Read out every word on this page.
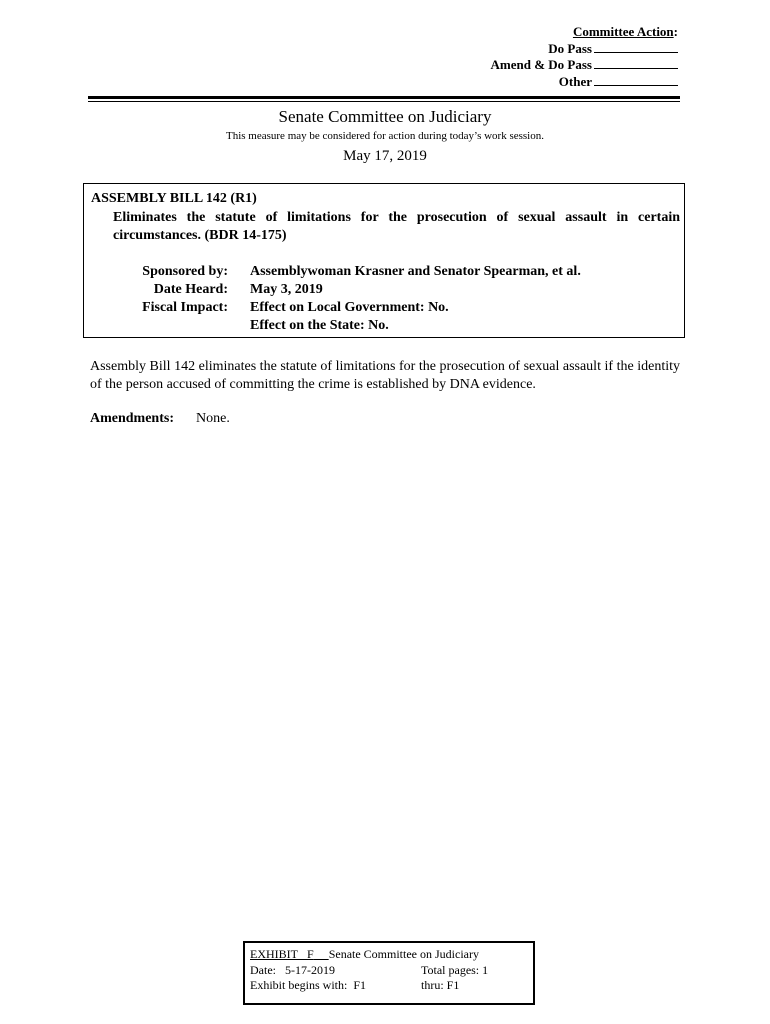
Committee Action:
Do Pass
Amend & Do Pass
Other
Senate Committee on Judiciary
This measure may be considered for action during today’s work session.
May 17, 2019
ASSEMBLY BILL 142 (R1)
Eliminates the statute of limitations for the prosecution of sexual assault in certain circumstances. (BDR 14-175)
Sponsored by: Assemblywoman Krasner and Senator Spearman, et al.
Date Heard: May 3, 2019
Fiscal Impact: Effect on Local Government: No.
Effect on the State: No.
Assembly Bill 142 eliminates the statute of limitations for the prosecution of sexual assault if the identity of the person accused of committing the crime is established by DNA evidence.
Amendments: None.
EXHIBIT F Senate Committee on Judiciary
Date: 5-17-2019	Total pages: 1
Exhibit begins with: F1	thru: F1
